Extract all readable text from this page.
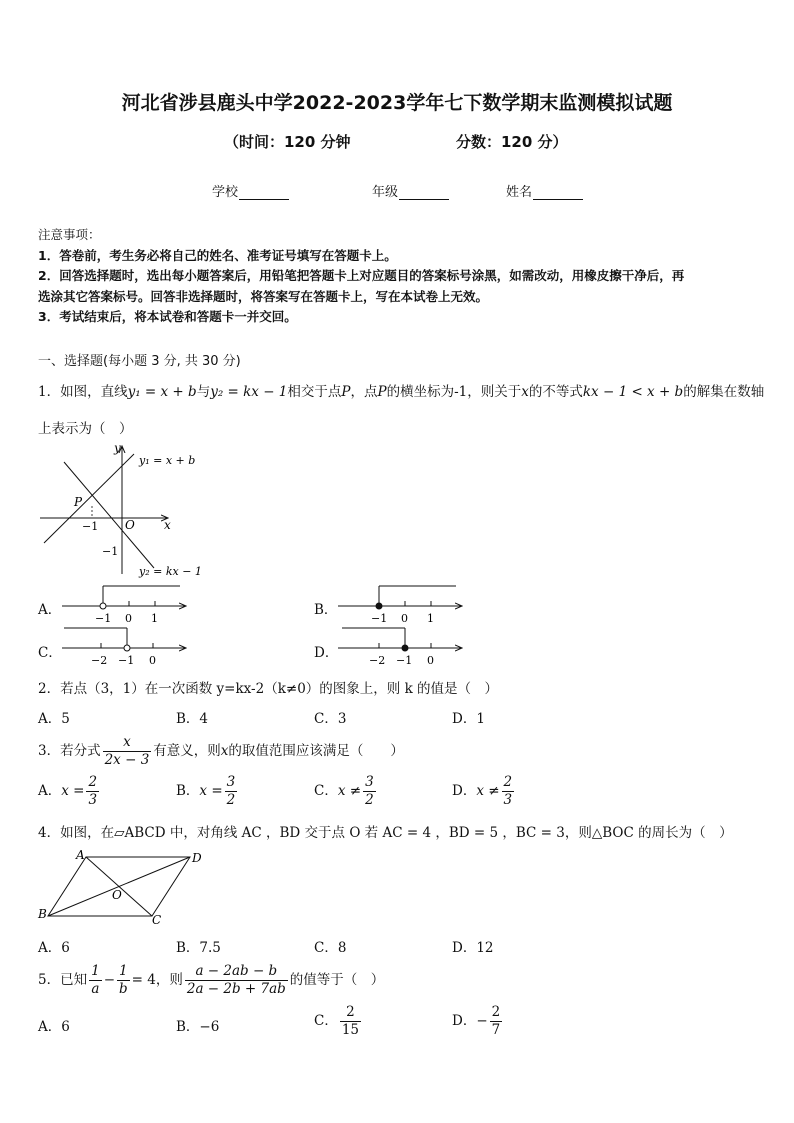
河北省涉县鹿头中学2022-2023学年七下数学期末监测模拟试题
（时间：120 分钟	分数：120 分）
学校	年级	姓名
注意事项：
1．答卷前，考生务必将自己的姓名、准考证号填写在答题卡上。
2．回答选择题时，选出每小题答案后，用铅笔把答题卡上对应题目的答案标号涂黑，如需改动，用橡皮擦干净后，再
选涂其它答案标号。回答非选择题时，将答案写在答题卡上，写在本试卷上无效。
3．考试结束后，将本试卷和答题卡一并交回。
一、选择题(每小题 3 分, 共 30 分)
1．如图，直线y₁ = x + b与y₂ = kx − 1相交于点P，点P的横坐标为-1，则关于x的不等式kx − 1 < x + b的解集在数轴
上表示为（　）
y
x
O
P
−1
−1
y₁ = x + b
y₂ = kx − 1
A．
−1 0 1
B．
−1 0 1
C．	−2 −1 0	D．	−2 −1 0
2．若点（3，1）在一次函数 y=kx-2（k≠0）的图象上，则 k 的值是（　）
A．5	B．4	C．3	D．1
3．若分式 $\frac{x}{2x - 3}$ 有意义，则x的取值范围应该满足（　　）
A．$x = \frac{2}{3}$	B．$x = \frac{3}{2}$	C．$x \ne \frac{3}{2}$	D．$x \ne \frac{2}{3}$
4．如图，在▱ABCD 中，对角线 AC ，BD 交于点 O 若 AC = 4 ，BD = 5 ，BC = 3，则△BOC 的周长为（　）
A	D
B	C
O
A．6	B．7.5	C．8	D．12
5．已知 $\frac{1}{a} - \frac{1}{b} = 4$，则 $\frac{a - 2ab - b}{2a - 2b + 7ab}$ 的值等于（　）
A．6	B．−6	C． $\frac{2}{15}$	D．− $\frac{2}{7}$
